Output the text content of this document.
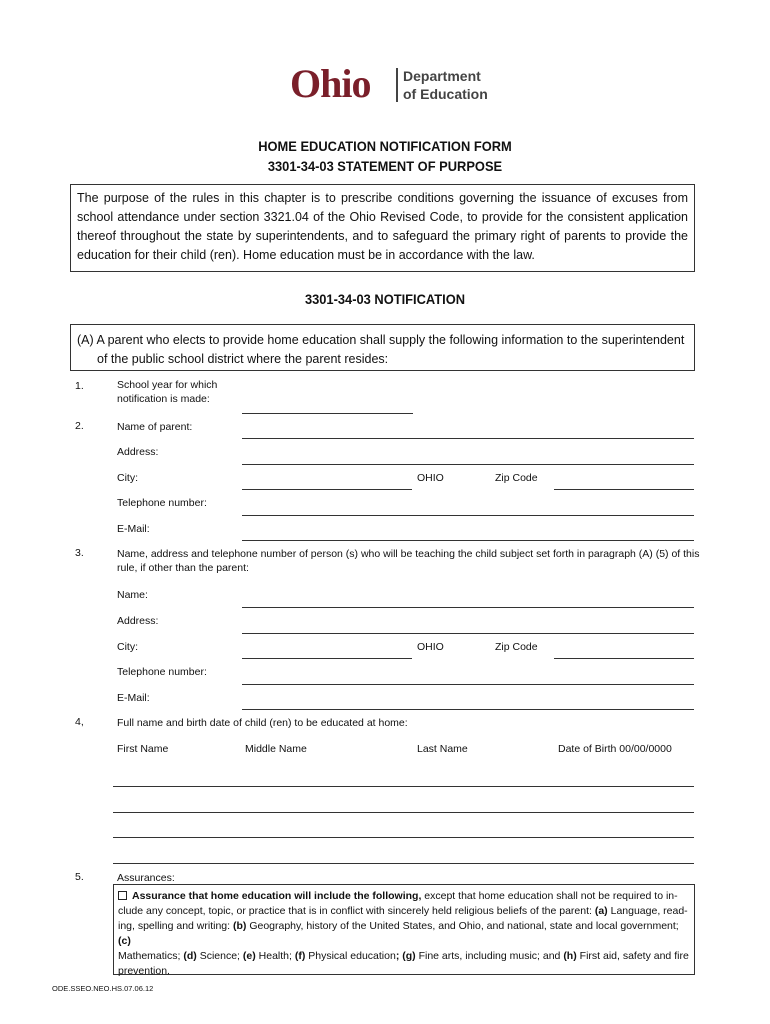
Ohio Department
of Education
HOME EDUCATION NOTIFICATION FORM
3301-34-03 STATEMENT OF PURPOSE
The purpose of the rules in this chapter is to prescribe conditions governing the issuance of excuses from school attendance under section 3321.04 of the Ohio Revised Code, to provide for the consistent application thereof throughout the state by superintendents, and to safeguard the primary right of parents to provide the education for their child (ren). Home education must be in accordance with the law.
3301-34-03 NOTIFICATION
(A) A parent who elects to provide home education shall supply the following information to the superintendent
of the public school district where the parent resides:
1.	School year for which
notification is made:
2.	Name of parent:
Address:
City:	OHIO	Zip Code
Telephone number:
E-Mail:
3.	Name, address and telephone number of person (s) who will be teaching the child subject set forth in paragraph (A) (5) of this
rule, if other than the parent:
Name:
Address:
City:	OHIO	Zip Code
Telephone number:
E-Mail:
4,	Full name and birth date of child (ren) to be educated at home:
First Name	Middle Name	Last Name	Date of Birth 00/00/0000
5.	Assurances:
Assurance that home education will include the following, except that home education shall not be required to in-
clude any concept, topic, or practice that is in conflict with sincerely held religious beliefs of the parent: (a) Language, read-
ing, spelling and writing: (b) Geography, history of the United States, and Ohio, and national, state and local government; (c)
Mathematics; (d) Science; (e) Health; (f) Physical education; (g) Fine arts, including music; and (h) First aid, safety and fire
prevention.
ODE.SSEO.NEO.HS.07.06.12
